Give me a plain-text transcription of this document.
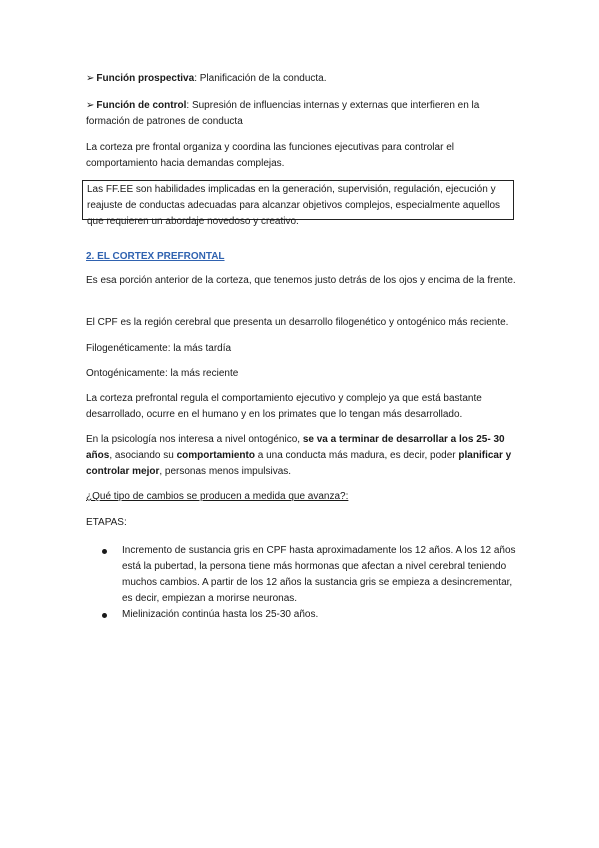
➢ Función prospectiva: Planificación de la conducta.

➢ Función de control: Supresión de influencias internas y externas que interfieren en la formación de patrones de conducta

La corteza pre frontal organiza y coordina las funciones ejecutivas para controlar el comportamiento hacia demandas complejas.

Las FF.EE son habilidades implicadas en la generación, supervisión, regulación, ejecución y reajuste de conductas adecuadas para alcanzar objetivos complejos, especialmente aquellos que requieren un abordaje novedoso y creativo.
2. EL CORTEX PREFRONTAL

Es esa porción anterior de la corteza, que tenemos justo detrás de los ojos y encima de la frente.

El CPF es la región cerebral que presenta un desarrollo filogenético y ontogénico más reciente.

Filogenéticamente: la más tardía

Ontogénicamente: la más reciente

La corteza prefrontal regula el comportamiento ejecutivo y complejo ya que está bastante desarrollado, ocurre en el humano y en los primates que lo tengan más desarrollado.

En la psicología nos interesa a nivel ontogénico, se va a terminar de desarrollar a los 25- 30 años, asociando su comportamiento a una conducta más madura, es decir, poder planificar y controlar mejor, personas menos impulsivas.

¿Qué tipo de cambios se producen a medida que avanza?:

ETAPAS:

Incremento de sustancia gris en CPF hasta aproximadamente los 12 años. A los 12 años está la pubertad, la persona tiene más hormonas que afectan a nivel cerebral teniendo muchos cambios. A partir de los 12 años la sustancia gris se empieza a desincrementar, es decir, empiezan a morirse neuronas.
Mielinización continúa hasta los 25-30 años.
